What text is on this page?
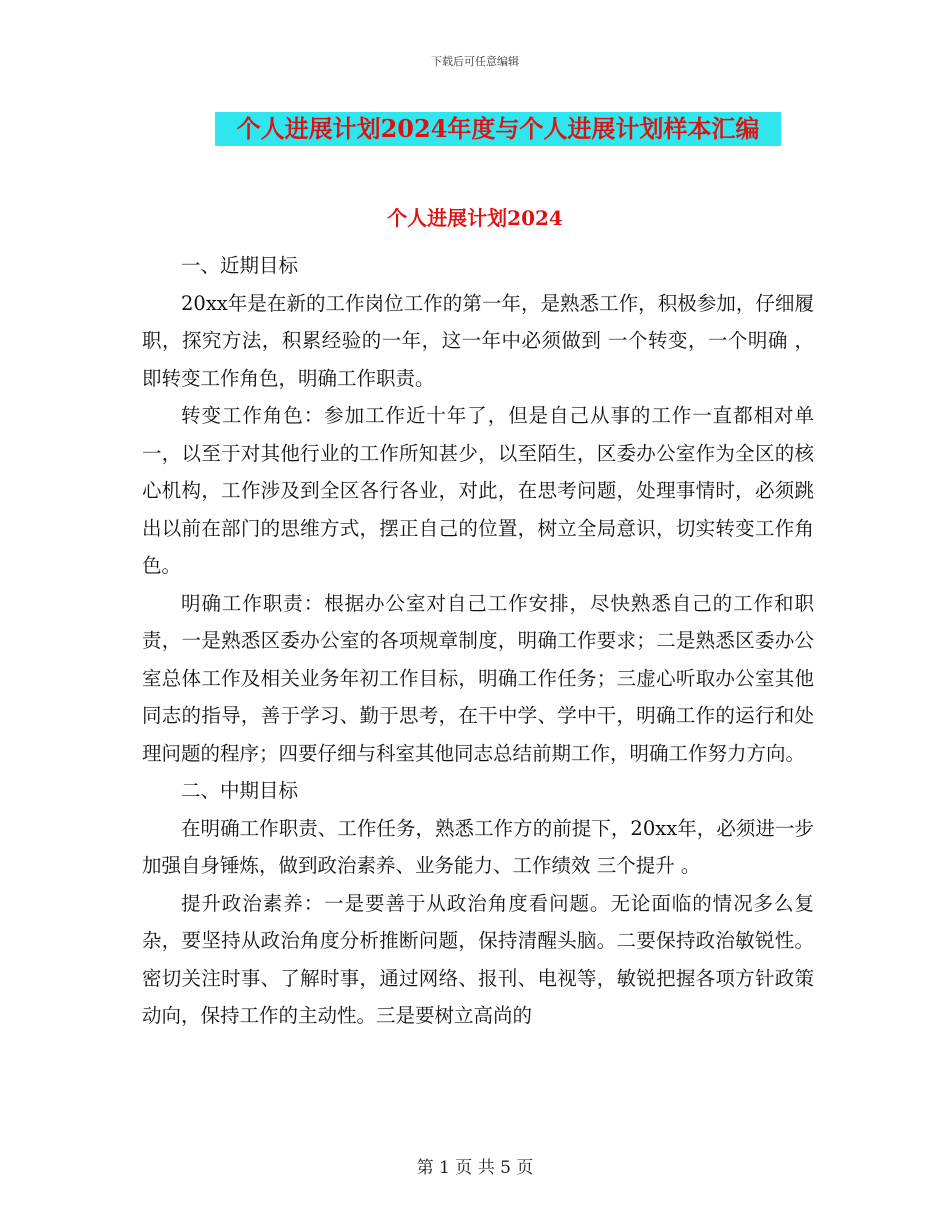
下载后可任意编辑
个人进展计划2024年度与个人进展计划样本汇编
个人进展计划2024

一、近期目标

20xx年是在新的工作岗位工作的第一年，是熟悉工作，积极参加，仔细履职，探究方法，积累经验的一年，这一年中必须做到 一个转变，一个明确 ，即转变工作角色，明确工作职责。

转变工作角色：参加工作近十年了，但是自己从事的工作一直都相对单一，以至于对其他行业的工作所知甚少，以至陌生，区委办公室作为全区的核心机构，工作涉及到全区各行各业，对此，在思考问题，处理事情时，必须跳出以前在部门的思维方式，摆正自己的位置，树立全局意识，切实转变工作角色。

明确工作职责：根据办公室对自己工作安排，尽快熟悉自己的工作和职责，一是熟悉区委办公室的各项规章制度，明确工作要求；二是熟悉区委办公室总体工作及相关业务年初工作目标，明确工作任务；三虚心听取办公室其他同志的指导，善于学习、勤于思考，在干中学、学中干，明确工作的运行和处理问题的程序；四要仔细与科室其他同志总结前期工作，明确工作努力方向。

二、中期目标

在明确工作职责、工作任务，熟悉工作方的前提下，20xx年，必须进一步加强自身锤炼，做到政治素养、业务能力、工作绩效 三个提升 。

提升政治素养：一是要善于从政治角度看问题。无论面临的情况多么复杂，要坚持从政治角度分析推断问题，保持清醒头脑。二要保持政治敏锐性。密切关注时事、了解时事，通过网络、报刊、电视等，敏锐把握各项方针政策动向，保持工作的主动性。三是要树立高尚的

第 1 页 共 5 页
